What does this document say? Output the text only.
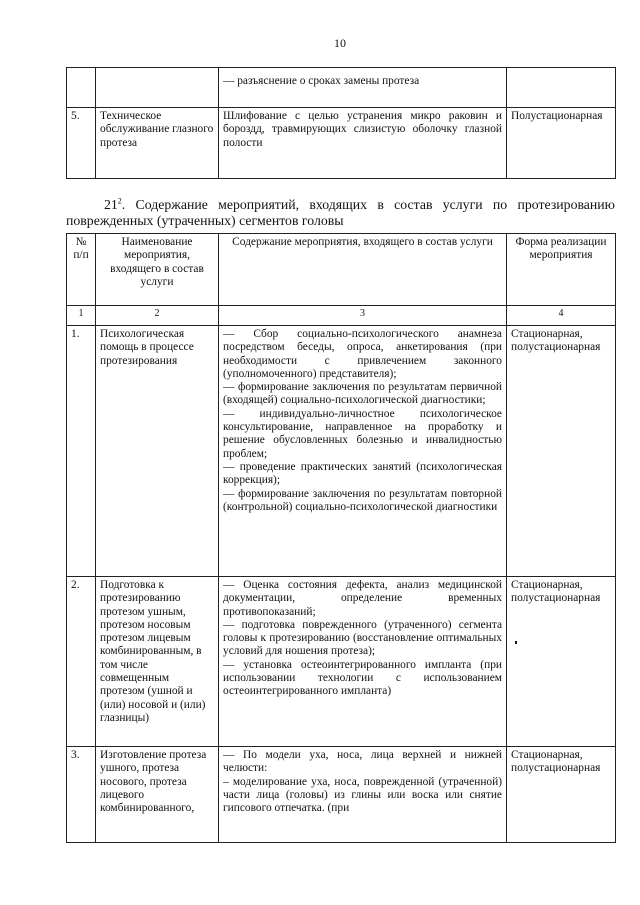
10
		— разъяснение о сроках замены протеза	
5.	Техническое обслуживание глазного протеза	Шлифование с целью устранения микро раковин и бороздд, травмирующих слизистую оболочку глазной полости	Полустационарная
$21^2$. Содержание мероприятий, входящих в состав услуги по протезированию поврежденных (утраченных) сегментов головы
№ п/п	Наименование мероприятия, входящего в состав услуги	Содержание мероприятия, входящего в состав услуги	Форма реализации мероприятия
1	2	3	4
1.	Психологическая помощь в процессе протезирования	— Сбор социально-психологического анамнеза посредством беседы, опроса, анкетирования (при необходимости с привлечением законного (уполномоченного) представителя);
— формирование заключения по результатам первичной (входящей) социально-психологической диагностики;
— индивидуально-личностное психологическое консультирование, направленное на проработку и решение обусловленных болезнью и инвалидностью проблем;
— проведение практических занятий (психологическая коррекция);
— формирование заключения по результатам повторной (контрольной) социально-психологической диагностики	Стационарная, полустационарная
2.	Подготовка к протезированию протезом ушным, протезом носовым протезом лицевым комбинированным, в том числе совмещенным протезом (ушной и (или) носовой и (или) глазницы)	— Оценка состояния дефекта, анализ медицинской документации, определение временных противопоказаний;
— подготовка поврежденного (утраченного) сегмента головы к протезированию (восстановление оптимальных условий для ношения протеза);
— установка остеоинтегрированного импланта (при использовании технологии с использованием остеоинтегрированного импланта)	Стационарная, полустационарная
3.	Изготовление протеза ушного, протеза носового, протеза лицевого комбинированного,	— По модели уха, носа, лица верхней и нижней челюсти:
– моделирование уха, носа, поврежденной (утраченной) части лица (головы) из глины или воска или снятие гипсового отпечатка. (при	Стационарная, полустационарная
